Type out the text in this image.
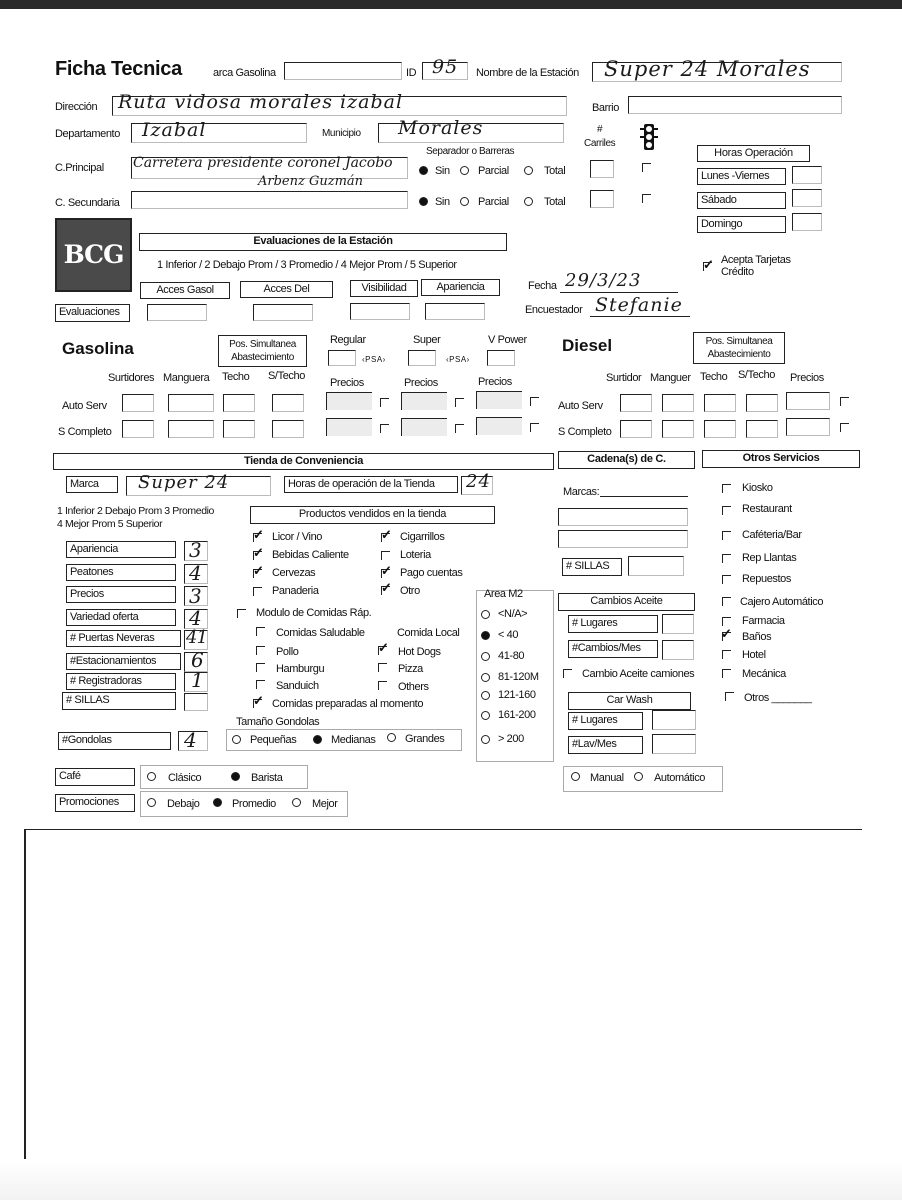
Ficha Tecnica	arca Gasolina	ID 95 Nombre de la Estación Super 24 Morales
Dirección Ruta vidosa morales izabal	Barrio
Departamento Izabal	Municipio Morales	#
Carriles
Separador o Barreras
C.Principal Carretera presidente coronel Jacobo
Arbenz Guzmán
Sin	Parcial	Total
C. Secundaria	Sin	Parcial	Total
Horas Operación
Lunes -Viernes
Sábado
Domingo
BCG	Evaluaciones de la Estación
1 Inferior / 2 Debajo Prom / 3 Promedio / 4 Mejor Prom / 5 Superior	✓ Acepta Tarjetas
Crédito
Acces Gasol	Acces Del	Visibilidad	Apariencia	Fecha 29/3/23
Encuestador Stefanie
Evaluaciones
Gasolina	Pos. Simultanea
Abastecimiento
Regular	Super	V Power
‹PSA›	‹PSA›
Surtidores Manguera Techo S/Techo
Precios	Precios	Precios
Auto Serv
S Completo
Diesel	Pos. Simultanea
Abastecimiento
Surtidor Manguer Techo S/Techo Precios
Auto Serv
S Completo
Tienda de Conveniencia	Cadena(s) de C.	Otros Servicios
Marca	Super 24	Horas de operación de la Tienda	24
1 Inferior 2 Debajo Prom 3 Promedio
4 Mejor Prom 5 Superior
Productos vendidos en la tienda
Apariencia	3
Peatones	4
Precios	3
Variedad oferta	4
# Puertas Neveras	41
#Estacionamientos	6
# Registradoras	1
# SILLAS
#Gondolas	4
✓ Licor / Vino	✓ Cigarrillos
✓ Bebidas Caliente	Loteria
✓ Cervezas	✓ Pago cuentas
Panaderia	✓ Otro
Modulo de Comidas Ráp.
Comidas Saludable	Comida Local
Pollo	✓ Hot Dogs
Hamburgu	Pizza
Sanduich	Others
✓ Comidas preparadas al momento
Tamaño Gondolas
Pequeñas	Medianas	Grandes
Area M2
<N/A>
< 40
41-80
81-120M
121-160
161-200
> 200
Café	Clásico	Barista
Promociones	Debajo	Promedio	Mejor
Marcas:
# SILLAS
Cambios Aceite
# Lugares
#Cambios/Mes
Cambio Aceite camiones
Car Wash
# Lugares
#Lav/Mes
Manual	Automático
Kiosko
Restaurant
Caféteria/Bar
Rep Llantas
Repuestos
Cajero Automático
Farmacia
✓ Baños
Hotel
Mecánica
Otros _______
